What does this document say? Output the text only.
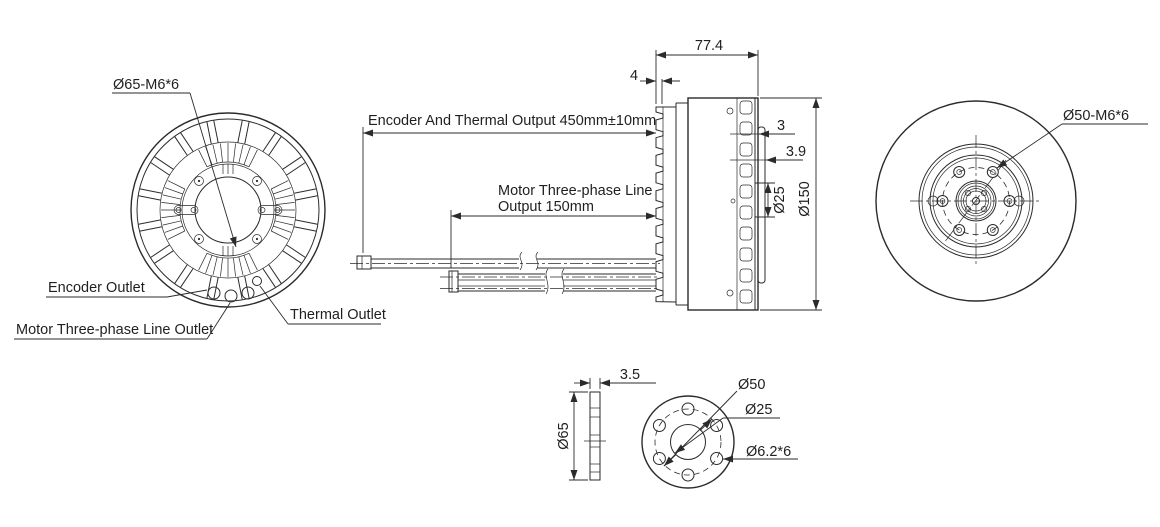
Ø65-M6*6
Encoder Outlet
Motor Three-phase Line Outlet
Thermal Outlet
77.4
4
Encoder And Thermal Output 450mm±10mm
Motor Three-phase Line
Output 150mm
3
3.9
Ø25 Ø150
Ø50-M6*6
3.5
Ø65
Ø50
Ø25
Ø6.2*6
